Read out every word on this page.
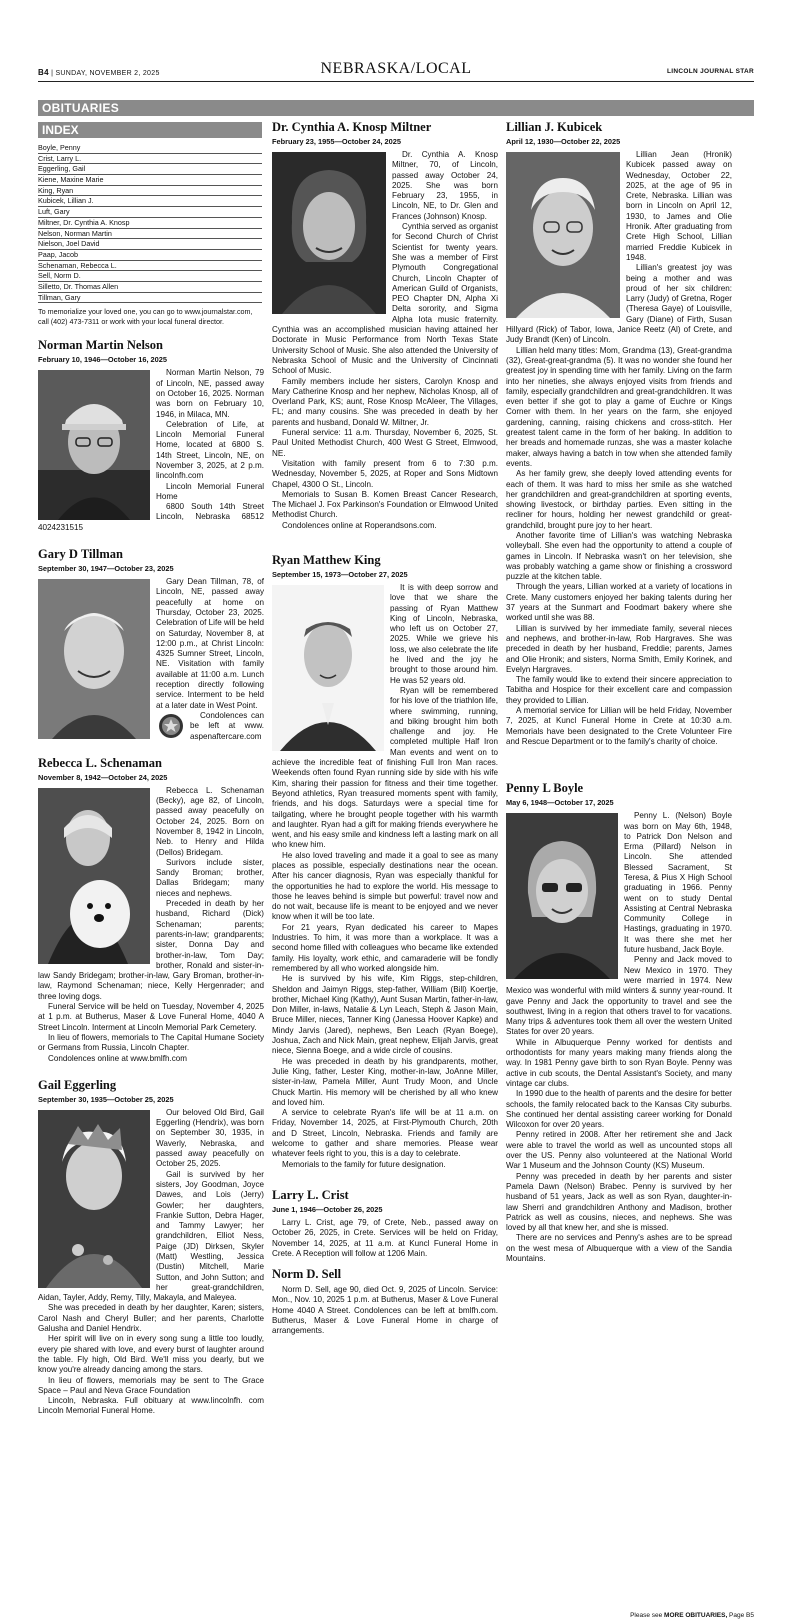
B4 | SUNDAY, NOVEMBER 2, 2025	NEBRASKA/LOCAL	LINCOLN JOURNAL STAR
OBITUARIES
INDEX
Boyle, Penny
Crist, Larry L.
Eggerling, Gail
Kiene, Maxine Marie
King, Ryan
Kubicek, Lillian J.
Luft, Gary
Miltner, Dr. Cynthia A. Knosp
Nelson, Norman Martin
Nielson, Joel David
Paap, Jacob
Schenaman, Rebecca L.
Sell, Norm D.
Silletto, Dr. Thomas Allen
Tillman, Gary
To memorialize your loved one, you can go to www.journalstar.com, call (402) 473-7311 or work with your local funeral director.
Norman Martin Nelson
February 10, 1946—October 16, 2025

Norman Martin Nelson, 79 of Lincoln, NE, passed away on October 16, 2025. Norman was born on February 10, 1946, in Milaca, MN.

Celebration of Life, at Lincoln Memorial Funeral Home, located at 6800 S. 14th Street, Lincoln, NE, on November 3, 2025, at 2 p.m. lincolnfh.com

Lincoln Memorial Funeral Home

6800 South 14th Street Lincoln, Nebraska 68512 4024231515

Gary D Tillman
September 30, 1947—October 23, 2025

Gary Dean Tillman, 78, of Lincoln, NE, passed away peacefully at home on Thursday, October 23, 2025. Celebration of Life will be held on Saturday, November 8, at 12:00 p.m., at Christ Lincoln: 4325 Sumner Street, Lincoln, NE. Visitation with family available at 11:00 a.m. Lunch reception directly following service. Interment to be held at a later date in West Point.

Condolences can be left at www. aspenaftercare.com

Rebecca L. Schenaman
November 8, 1942—October 24, 2025

Rebecca L. Schenaman (Becky), age 82, of Lincoln, passed away peacefully on October 24, 2025. Born on November 8, 1942 in Lincoln, Neb. to Henry and Hilda (Dellos) Bridegam.

Surivors include sister, Sandy Broman; brother, Dallas Bridegam; many nieces and nephews.

Preceded in death by her husband, Richard (Dick) Schenaman; parents; parents-in-law; grandparents; sister, Donna Day and brother-in-law, Tom Day; brother, Ronald and sister-in-law Sandy Bridegam; brother-in-law, Gary Broman, brother-in-law, Raymond Schenaman; niece, Kelly Hergenrader; and three loving dogs.

Funeral Service will be held on Tuesday, November 4, 2025 at 1 p.m. at Butherus, Maser & Love Funeral Home, 4040 A Street Lincoln. Interment at Lincoln Memorial Park Cemetery.

In lieu of flowers, memorials to The Capital Humane Society or Germans from Russia, Lincoln Chapter.

Condolences online at www.bmlfh.com

Gail Eggerling
September 30, 1935—October 25, 2025

Our beloved Old Bird, Gail Eggerling (Hendrix), was born on September 30, 1935, in Waverly, Nebraska, and passed away peacefully on October 25, 2025.

Gail is survived by her sisters, Joy Goodman, Joyce Dawes, and Lois (Jerry) Gowler; her daughters, Frankie Sutton, Debra Hager, and Tammy Lawyer; her grandchildren, Elliot Ness, Paige (JD) Dirksen, Skyler (Matt) Westling, Jessica (Dustin) Mitchell, Marie Sutton, and John Sutton; and her great-grandchildren, Aidan, Tayler, Addy, Remy, Tilly, Makayla, and Maleyea.

She was preceded in death by her daughter, Karen; sisters, Carol Nash and Cheryl Buller; and her parents, Charlotte Galusha and Daniel Hendrix.

Her spirit will live on in every song sung a little too loudly, every pie shared with love, and every burst of laughter around the table. Fly high, Old Bird. We'll miss you dearly, but we know you're already dancing among the stars.

In lieu of flowers, memorials may be sent to The Grace Space – Paul and Neva Grace Foundation

Lincoln, Nebraska. Full obituary at www.lincolnfh. com Lincoln Memorial Funeral Home.

Dr. Cynthia A. Knosp Miltner
February 23, 1955—October 24, 2025

Dr. Cynthia A. Knosp Miltner, 70, of Lincoln, passed away October 24, 2025. She was born February 23, 1955, in Lincoln, NE, to Dr. Glen and Frances (Johnson) Knosp.

Cynthia served as organist for Second Church of Christ Scientist for twenty years. She was a member of First Plymouth Congregational Church, Lincoln Chapter of American Guild of Organists, PEO Chapter DN, Alpha Xi Delta sorority, and Sigma Alpha Iota music fraternity. Cynthia was an accomplished musician having attained her Doctorate in Music Performance from North Texas State University School of Music. She also attended the University of Nebraska School of Music and the University of Cincinnati School of Music.

Family members include her sisters, Carolyn Knosp and Mary Catherine Knosp and her nephew, Nicholas Knosp, all of Overland Park, KS; aunt, Rose Knosp McAleer, The Villages, FL; and many cousins. She was preceded in death by her parents and husband, Donald W. Miltner, Jr.

Funeral service: 11 a.m. Thursday, November 6, 2025, St. Paul United Methodist Church, 400 West G Street, Elmwood, NE.

Visitation with family present from 6 to 7:30 p.m. Wednesday, November 5, 2025, at Roper and Sons Midtown Chapel, 4300 O St., Lincoln.

Memorials to Susan B. Komen Breast Cancer Research, The Michael J. Fox Parkinson's Foundation or Elmwood United Methodist Church.

Condolences online at Roperandsons.com.

Ryan Matthew King
September 15, 1973—October 27, 2025

It is with deep sorrow and love that we share the passing of Ryan Matthew King of Lincoln, Nebraska, who left us on October 27, 2025. While we grieve his loss, we also celebrate the life he lived and the joy he brought to those around him. He was 52 years old.

Ryan will be remembered for his love of the triathlon life, where swimming, running, and biking brought him both challenge and joy. He completed multiple Half Iron Man events and went on to achieve the incredible feat of finishing Full Iron Man races. Weekends often found Ryan running side by side with his wife Kim, sharing their passion for fitness and their time together. Beyond athletics, Ryan treasured moments spent with family, friends, and his dogs. Saturdays were a special time for tailgating, where he brought people together with his warmth and laughter. Ryan had a gift for making friends everywhere he went, and his easy smile and kindness left a lasting mark on all who knew him.

He also loved traveling and made it a goal to see as many places as possible, especially destinations near the ocean. After his cancer diagnosis, Ryan was especially thankful for the opportunities he had to explore the world. His message to those he leaves behind is simple but powerful: travel now and do not wait, because life is meant to be enjoyed and we never know when it will be too late.

For 21 years, Ryan dedicated his career to Mapes Industries. To him, it was more than a workplace. It was a second home filled with colleagues who became like extended family. His loyalty, work ethic, and camaraderie will be fondly remembered by all who worked alongside him.

He is survived by his wife, Kim Riggs, step-children, Sheldon and Jaimyn Riggs, step-father, William (Bill) Koertje, brother, Michael King (Kathy), Aunt Susan Martin, father-in-law, Don Miller, in-laws, Natalie & Lyn Leach, Steph & Jason Main, Bruce Miller, nieces, Tanner King (Janessa Hoover Kapke) and Mindy Jarvis (Jared), nephews, Ben Leach (Ryan Boege), Joshua, Zach and Nick Main, great nephew, Elijah Jarvis, great niece, Sienna Boege, and a wide circle of cousins.

He was preceded in death by his grandparents, mother, Julie King, father, Lester King, mother-in-law, JoAnne Miller, sister-in-law, Pamela Miller, Aunt Trudy Moon, and Uncle Chuck Martin. His memory will be cherished by all who knew and loved him.

A service to celebrate Ryan's life will be at 11 a.m. on Friday, November 14, 2025, at First-Plymouth Church, 20th and D Street, Lincoln, Nebraska. Friends and family are welcome to gather and share memories. Please wear whatever feels right to you, this is a day to celebrate.

Memorials to the family for future designation.

Larry L. Crist
June 1, 1946—October 26, 2025

Larry L. Crist, age 79, of Crete, Neb., passed away on October 26, 2025, in Crete. Services will be held on Friday, November 14, 2025, at 11 a.m. at Kuncl Funeral Home in Crete. A Reception will follow at 1206 Main.

Norm D. Sell

Norm D. Sell, age 90, died Oct. 9, 2025 of Lincoln. Service: Mon., Nov. 10, 2025 1 p.m. at Butherus, Maser & Love Funeral Home 4040 A Street. Condolences can be left at bmlfh.com. Butherus, Maser & Love Funeral Home in charge of arrangements.

Lillian J. Kubicek
April 12, 1930—October 22, 2025

Lillian Jean (Hronik) Kubicek passed away on Wednesday, October 22, 2025, at the age of 95 in Crete, Nebraska. Lillian was born in Lincoln on April 12, 1930, to James and Olie Hronik. After graduating from Crete High School, Lillian married Freddie Kubicek in 1948.

Lillian's greatest joy was being a mother and was proud of her six children: Larry (Judy) of Gretna, Roger (Theresa Gaye) of Louisville, Gary (Diane) of Firth, Susan Hillyard (Rick) of Tabor, Iowa, Janice Reetz (Al) of Crete, and Judy Brandt (Ken) of Lincoln.

Lillian held many titles: Mom, Grandma (13), Great-grandma (32), Great-great-grandma (5). It was no wonder she found her greatest joy in spending time with her family. Living on the farm into her nineties, she always enjoyed visits from friends and family, especially grandchildren and great-grandchildren. It was even better if she got to play a game of Euchre or Kings Corner with them. In her years on the farm, she enjoyed gardening, canning, raising chickens and cross-stitch. Her greatest talent came in the form of her baking. In addition to her breads and homemade runzas, she was a master kolache maker, always having a batch in tow when she attended family events.

As her family grew, she deeply loved attending events for each of them. It was hard to miss her smile as she watched her grandchildren and great-grandchildren at sporting events, showing livestock, or birthday parties. Even sitting in the recliner for hours, holding her newest grandchild or great-grandchild, brought pure joy to her heart.

Another favorite time of Lillian's was watching Nebraska volleyball. She even had the opportunity to attend a couple of games in Lincoln. If Nebraska wasn't on her television, she was probably watching a game show or finishing a crossword puzzle at the kitchen table.

Through the years, Lillian worked at a variety of locations in Crete. Many customers enjoyed her baking talents during her 37 years at the Sunmart and Foodmart bakery where she worked until she was 88.

Lillian is survived by her immediate family, several nieces and nephews, and brother-in-law, Rob Hargraves. She was preceded in death by her husband, Freddie; parents, James and Olie Hronik; and sisters, Norma Smith, Emily Korinek, and Evelyn Hargraves.

The family would like to extend their sincere appreciation to Tabitha and Hospice for their excellent care and compassion they provided to Lillian.

A memorial service for Lillian will be held Friday, November 7, 2025, at Kuncl Funeral Home in Crete at 10:30 a.m. Memorials have been designated to the Crete Volunteer Fire and Rescue Department or to the family's charity of choice.

Penny L Boyle
May 6, 1948—October 17, 2025

Penny L. (Nelson) Boyle was born on May 6th, 1948, to Patrick Don Nelson and Erma (Pillard) Nelson in Lincoln. She attended Blessed Sacrament, St Teresa, & Pius X High School graduating in 1966. Penny went on to study Dental Assisting at Central Nebraska Community College in Hastings, graduating in 1970. It was there she met her future husband, Jack Boyle.

Penny and Jack moved to New Mexico in 1970. They were married in 1974. New Mexico was wonderful with mild winters & sunny year-round. It gave Penny and Jack the opportunity to travel and see the southwest, living in a region that others travel to for vacations. Many trips & adventures took them all over the western United States for over 20 years.

While in Albuquerque Penny worked for dentists and orthodontists for many years making many friends along the way. In 1981 Penny gave birth to son Ryan Boyle. Penny was active in cub scouts, the Dental Assistant's Society, and many vintage car clubs.

In 1990 due to the health of parents and the desire for better schools, the family relocated back to the Kansas City suburbs. She continued her dental assisting career working for Donald Wilcoxon for over 20 years.

Penny retired in 2008. After her retirement she and Jack were able to travel the world as well as uncounted stops all over the US. Penny also volunteered at the National World War 1 Museum and the Johnson County (KS) Museum.

Penny was preceded in death by her parents and sister Pamela Dawn (Nelson) Brabec. Penny is survived by her husband of 51 years, Jack as well as son Ryan, daughter-in-law Sherri and grandchildren Anthony and Madison, brother Patrick as well as cousins, nieces, and nephews. She was loved by all that knew her, and she is missed.

There are no services and Penny's ashes are to be spread on the west mesa of Albuquerque with a view of the Sandia Mountains.

Please see MORE OBITUARIES, Page B5
